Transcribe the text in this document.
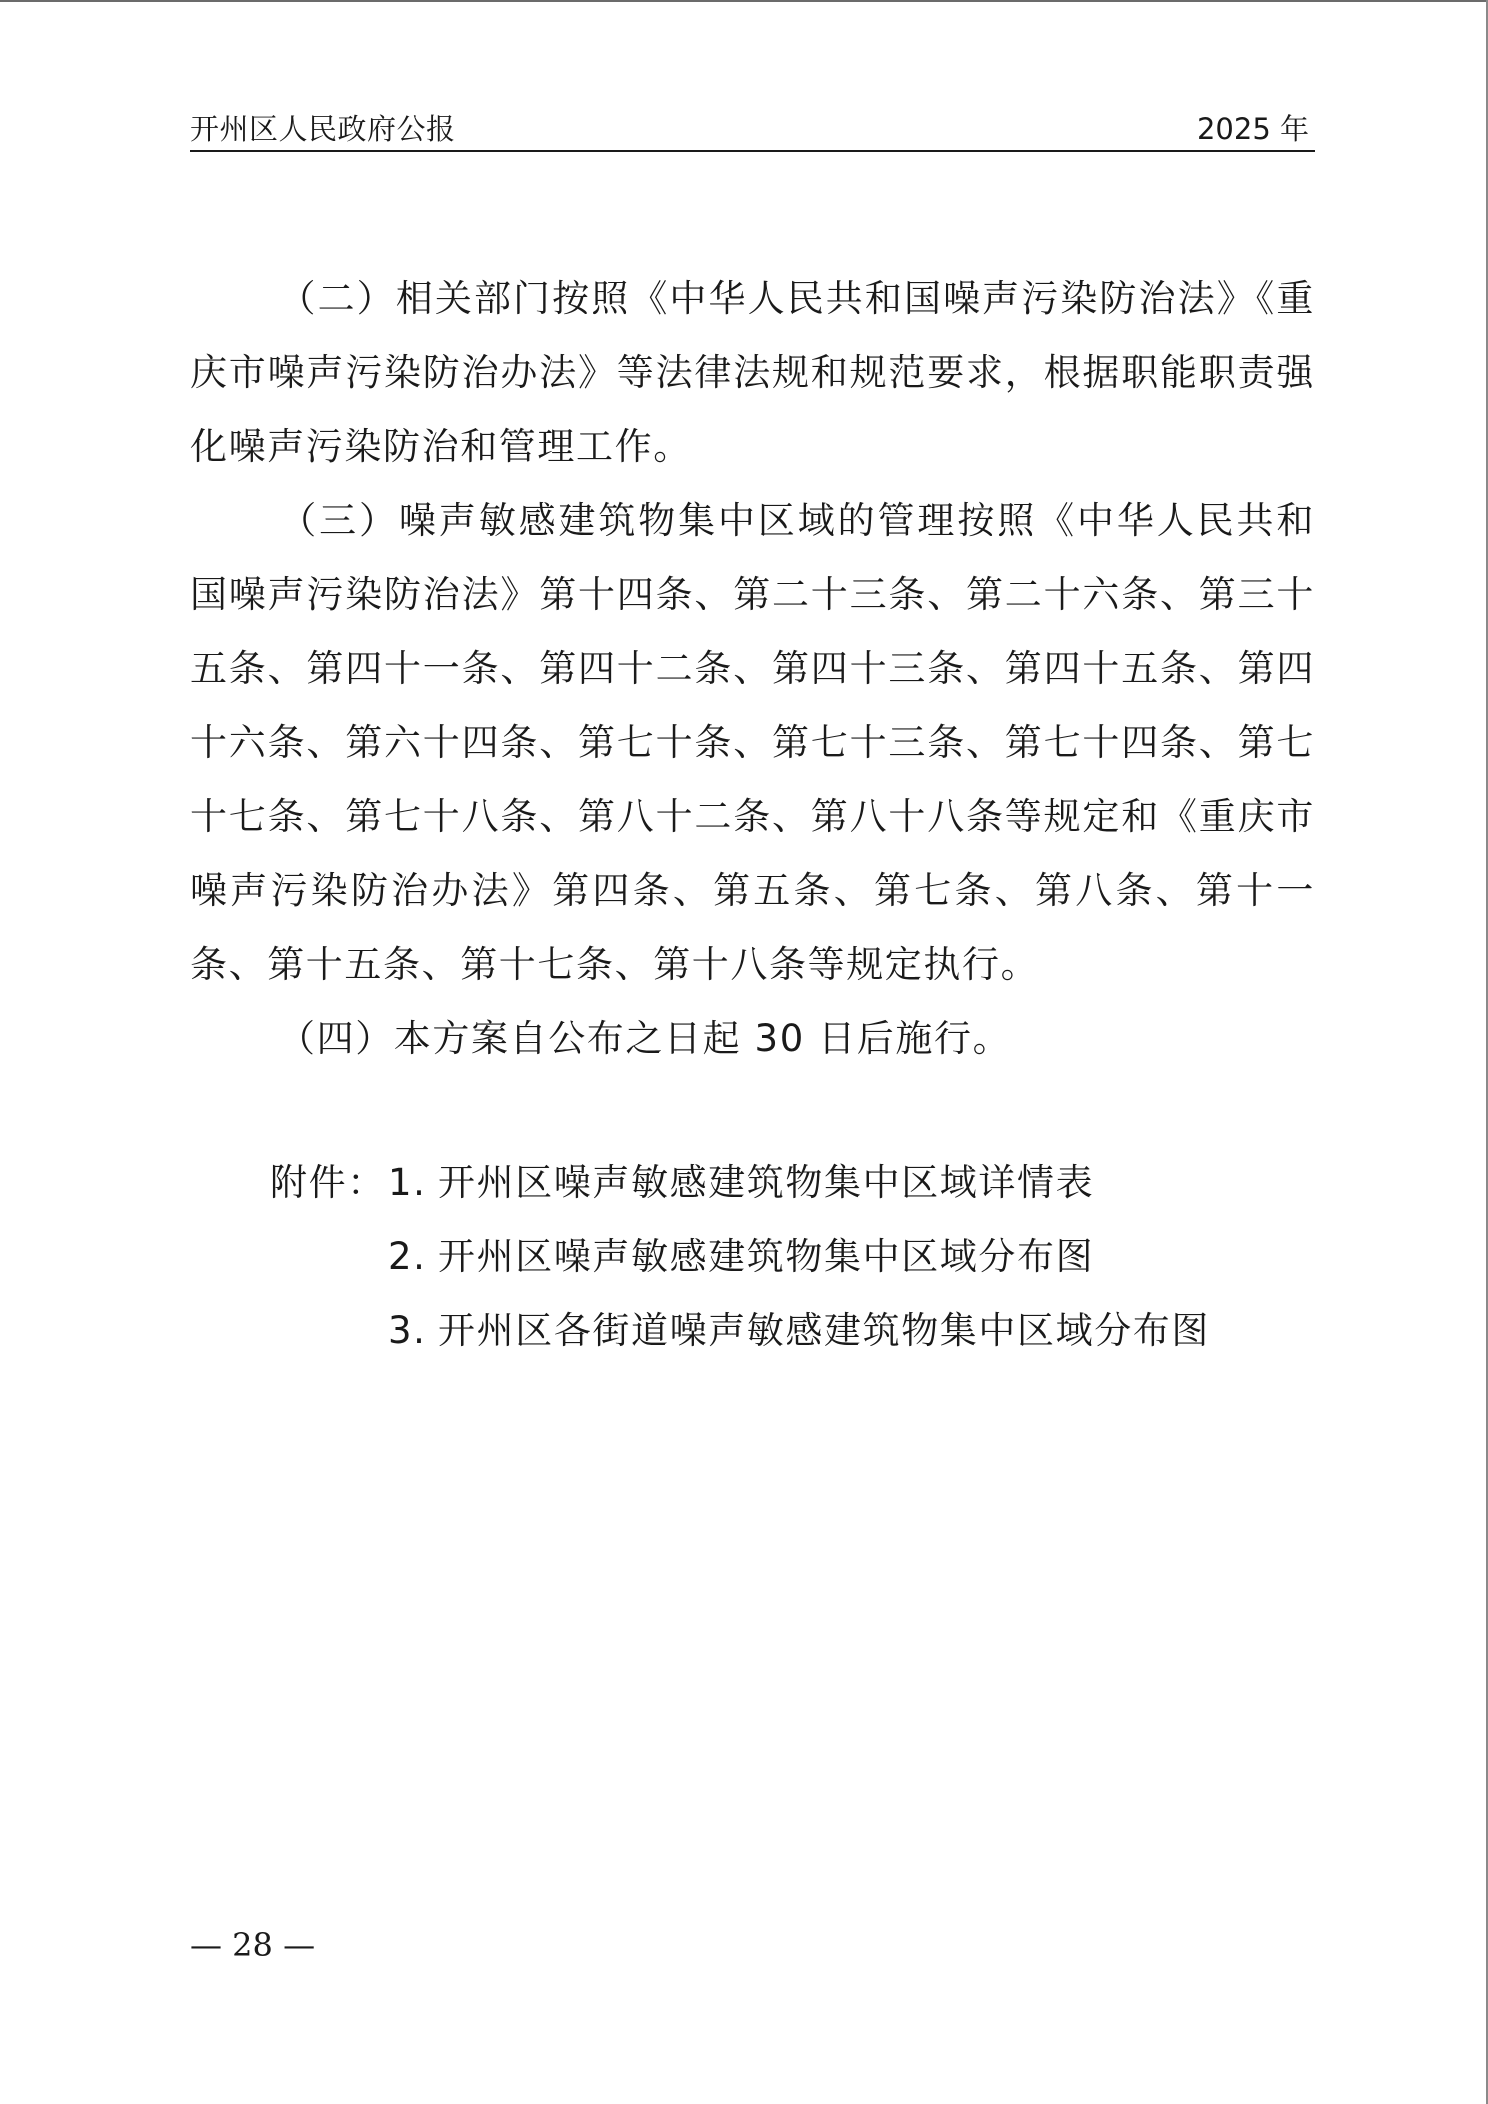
开州区人民政府公报	2025 年

（二）相关部门按照《中华人民共和国噪声污染防治法》《重庆市噪声污染防治办法》等法律法规和规范要求，根据职能职责强化噪声污染防治和管理工作。

（三）噪声敏感建筑物集中区域的管理按照《中华人民共和国噪声污染防治法》第十四条、第二十三条、第二十六条、第三十五条、第四十一条、第四十二条、第四十三条、第四十五条、第四十六条、第六十四条、第七十条、第七十三条、第七十四条、第七十七条、第七十八条、第八十二条、第八十八条等规定和《重庆市噪声污染防治办法》第四条、第五条、第七条、第八条、第十一条、第十五条、第十七条、第十八条等规定执行。

（四）本方案自公布之日起 30 日后施行。

附件： 1. 开州区噪声敏感建筑物集中区域详情表
2. 开州区噪声敏感建筑物集中区域分布图
3. 开州区各街道噪声敏感建筑物集中区域分布图
— 28 —
